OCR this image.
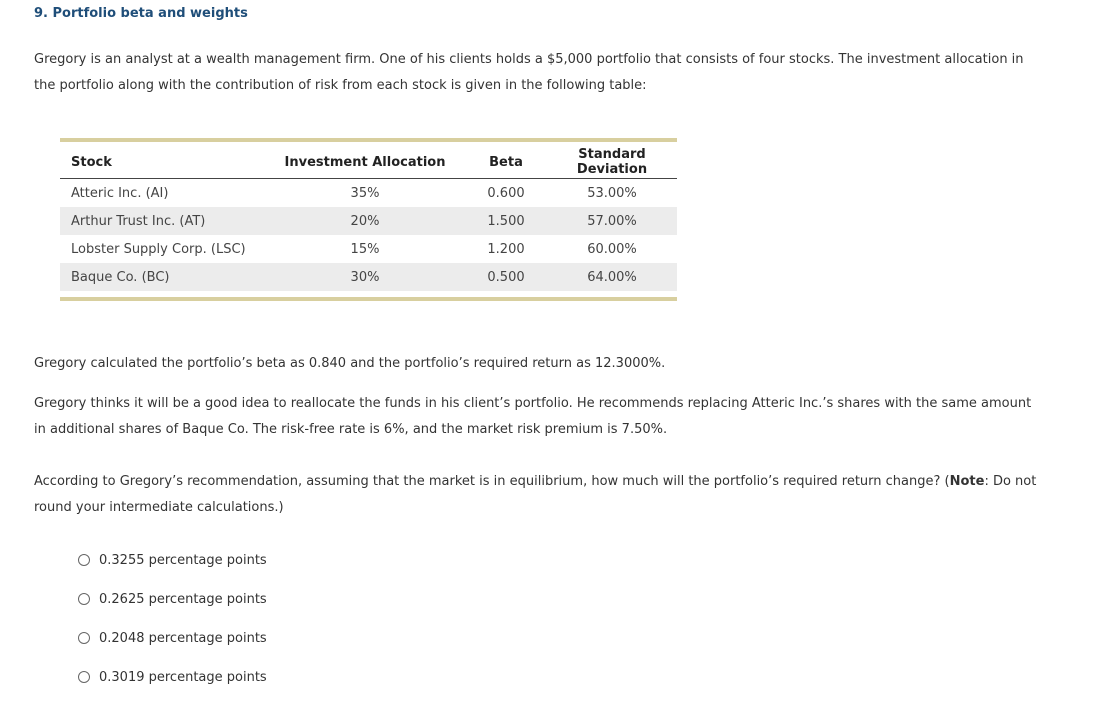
9. Portfolio beta and weights
Gregory is an analyst at a wealth management firm. One of his clients holds a $5,000 portfolio that consists of four stocks. The investment allocation in the portfolio along with the contribution of risk from each stock is given in the following table:
Stock	Investment Allocation	Beta	Standard Deviation
Atteric Inc. (AI)	35%	0.600	53.00%
Arthur Trust Inc. (AT)	20%	1.500	57.00%
Lobster Supply Corp. (LSC)	15%	1.200	60.00%
Baque Co. (BC)	30%	0.500	64.00%
Gregory calculated the portfolio’s beta as 0.840 and the portfolio’s required return as 12.3000%.
Gregory thinks it will be a good idea to reallocate the funds in his client’s portfolio. He recommends replacing Atteric Inc.’s shares with the same amount in additional shares of Baque Co. The risk-free rate is 6%, and the market risk premium is 7.50%.
According to Gregory’s recommendation, assuming that the market is in equilibrium, how much will the portfolio’s required return change? (Note: Do not round your intermediate calculations.)
0.3255 percentage points
0.2625 percentage points
0.2048 percentage points
0.3019 percentage points
